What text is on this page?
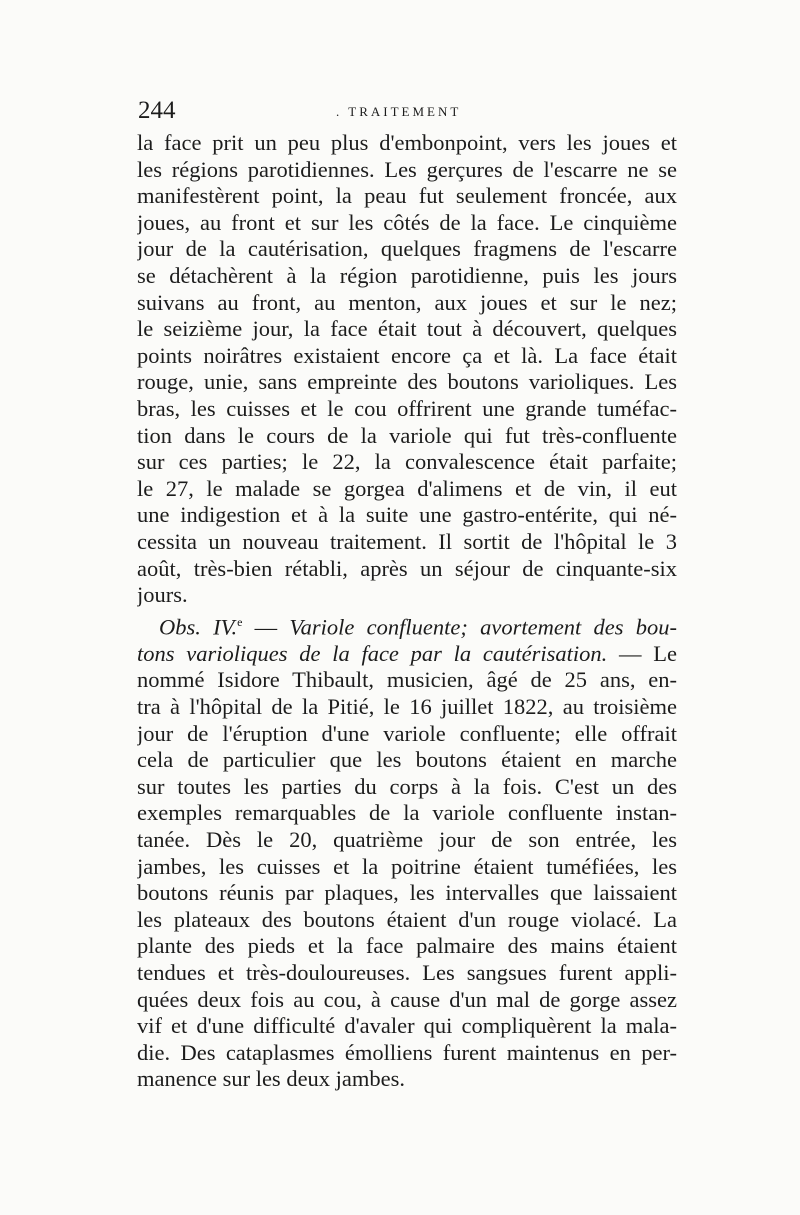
244	. TRAITEMENT
la face prit un peu plus d'embonpoint, vers les joues et
les régions parotidiennes. Les gerçures de l'escarre ne se
manifestèrent point, la peau fut seulement froncée, aux
joues, au front et sur les côtés de la face. Le cinquième
jour de la cautérisation, quelques fragmens de l'escarre
se détachèrent à la région parotidienne, puis les jours
suivans au front, au menton, aux joues et sur le nez;
le seizième jour, la face était tout à découvert, quelques
points noirâtres existaient encore ça et là. La face était
rouge, unie, sans empreinte des boutons varioliques. Les
bras, les cuisses et le cou offrirent une grande tuméfac-
tion dans le cours de la variole qui fut très-confluente
sur ces parties; le 22, la convalescence était parfaite;
le 27, le malade se gorgea d'alimens et de vin, il eut
une indigestion et à la suite une gastro-entérite, qui né-
cessita un nouveau traitement. Il sortit de l'hôpital le 3
août, très-bien rétabli, après un séjour de cinquante-six
jours.
Obs. IV.$^e$ — Variole confluente; avortement des bou-
tons varioliques de la face par la cautérisation. — Le
nommé Isidore Thibault, musicien, âgé de 25 ans, en-
tra à l'hôpital de la Pitié, le 16 juillet 1822, au troisième
jour de l'éruption d'une variole confluente; elle offrait
cela de particulier que les boutons étaient en marche
sur toutes les parties du corps à la fois. C'est un des
exemples remarquables de la variole confluente instan-
tanée. Dès le 20, quatrième jour de son entrée, les
jambes, les cuisses et la poitrine étaient tuméfiées, les
boutons réunis par plaques, les intervalles que laissaient
les plateaux des boutons étaient d'un rouge violacé. La
plante des pieds et la face palmaire des mains étaient
tendues et très-douloureuses. Les sangsues furent appli-
quées deux fois au cou, à cause d'un mal de gorge assez
vif et d'une difficulté d'avaler qui compliquèrent la mala-
die. Des cataplasmes émolliens furent maintenus en per-
manence sur les deux jambes.
